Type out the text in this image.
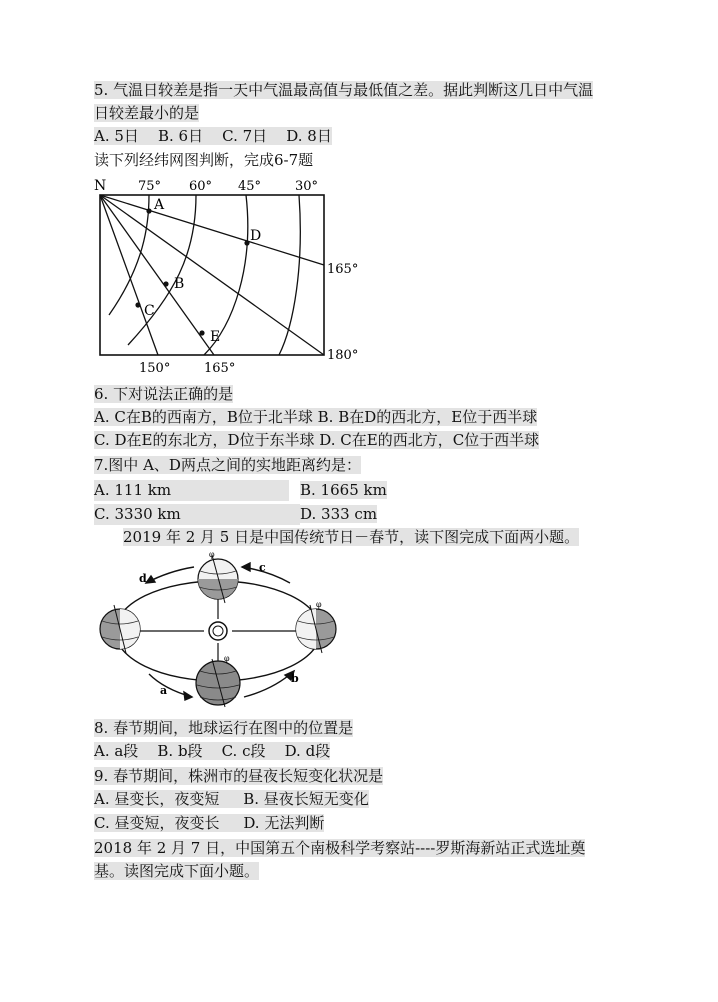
5. 气温日较差是指一天中气温最高值与最低值之差。据此判断这几日中气温
日较差最小的是
A. 5日    B. 6日    C. 7日    D. 8日
读下列经纬网图判断，完成6-7题
N 75° 60° 45°	30°
165°
180°
150°	165°
A
D
B
C
E
6. 下对说法正确的是
A. C在B的西南方，B位于北半球 B. B在D的西北方，E位于西半球
C. D在E的东北方，D位于东半球 D. C在E的西北方，C位于西半球
7.图中 A、D两点之间的实地距离约是：
A. 111 km	B. 1665 km
C. 3330 km	D. 333 cm
2019 年 2 月 5 日是中国传统节日－春节，读下图完成下面两小题。
φ
φ
φ
a
b
c
d
8. 春节期间，地球运行在图中的位置是
A. a段    B. b段    C. c段    D. d段
9. 春节期间，株洲市的昼夜长短变化状况是
A. 昼变长，夜变短     B. 昼夜长短无变化
C. 昼变短，夜变长     D. 无法判断
2018 年 2 月 7 日，中国第五个南极科学考察站----罗斯海新站正式选址奠
基。读图完成下面小题。
